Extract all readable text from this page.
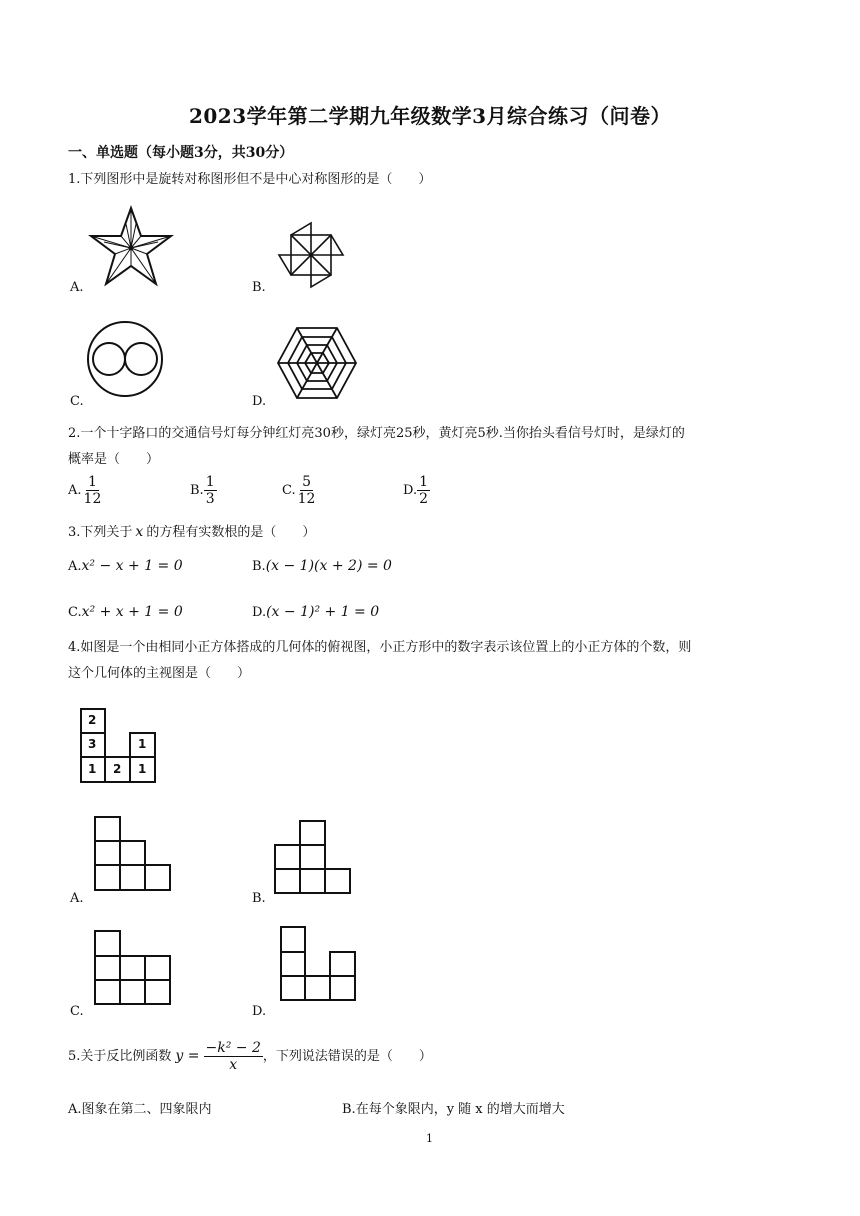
2023学年第二学期九年级数学3月综合练习（问卷）
一、单选题（每小题3分，共30分）
1.下列图形中是旋转对称图形但不是中心对称图形的是（　　）
A.	B.
C.	D.
2.一个十字路口的交通信号灯每分钟红灯亮30秒，绿灯亮25秒，黄灯亮5秒.当你抬头看信号灯时，是绿灯的
概率是（　　）
A. $\frac{1}{12}$	B. $\frac{1}{3}$	C. $\frac{5}{12}$	D. $\frac{1}{2}$
3.下列关于 x 的方程有实数根的是（　　）
A.x² − x + 1 = 0	B.(x − 1)(x + 2) = 0
C.x² + x + 1 = 0	D.(x − 1)² + 1 = 0
4.如图是一个由相同小正方体搭成的几何体的俯视图，小正方形中的数字表示该位置上的小正方体的个数，则
这个几何体的主视图是（　　）
2
3
1 2
1
1
A.	B.
C.	D.
5.关于反比例函数 $y = \frac{\text{−k² − 2}}{x}$ ，下列说法错误的是（　　）
A.图象在第二、四象限内	B.在每个象限内，y 随 x 的增大而增大
1
